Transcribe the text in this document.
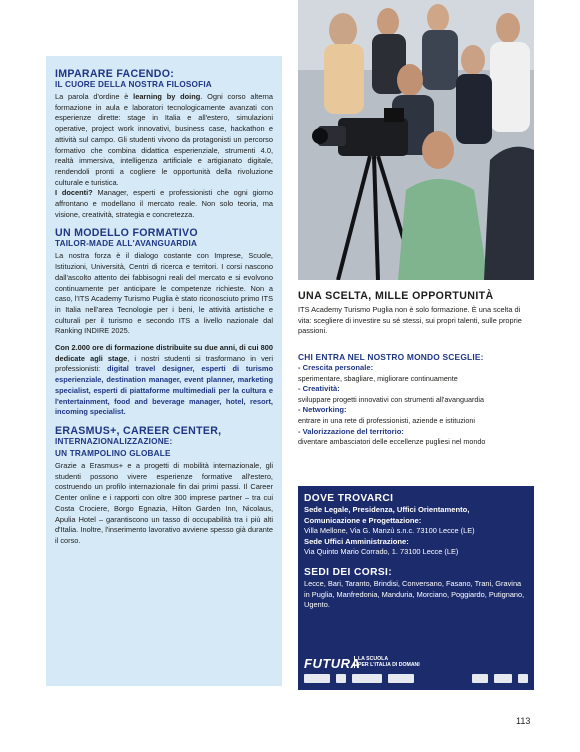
IMPARARE FACENDO:
IL CUORE DELLA NOSTRA FILOSOFIA

La parola d'ordine è learning by doing. Ogni corso alterna formazione in aula e laboratori tecnologicamente avanzati con esperienze dirette: stage in Italia e all'estero, simulazioni operative, project work innovativi, business case, hackathon e attività sul campo. Gli studenti vivono da protagonisti un percorso formativo che combina didattica esperienziale, strumenti 4.0, realtà immersiva, intelligenza artificiale e artigianato digitale, rendendoli pronti a cogliere le opportunità della rivoluzione culturale e turistica.

I docenti? Manager, esperti e professionisti che ogni giorno affrontano e modellano il mercato reale. Non solo teoria, ma visione, creatività, strategia e concretezza.

UN MODELLO FORMATIVO
TAILOR-MADE ALL'AVANGUARDIA

La nostra forza è il dialogo costante con Imprese, Scuole, Istituzioni, Università, Centri di ricerca e territori. I corsi nascono dall'ascolto attento dei fabbisogni reali del mercato e si evolvono continuamente per anticipare le competenze richieste. Non a caso, l'ITS Academy Turismo Puglia è stato riconosciuto primo ITS in Italia nell'area Tecnologie per i beni, le attività artistiche e culturali per il turismo e secondo ITS a livello nazionale dal Ranking INDIRE 2025.

Con 2.000 ore di formazione distribuite su due anni, di cui 800 dedicate agli stage, i nostri studenti si trasformano in veri professionisti: digital travel designer, esperti di turismo esperienziale, destination manager, event planner, marketing specialist, esperti di piattaforme multimediali per la cultura e l'entertainment, food and beverage manager, hotel, resort, incoming specialist.

ERASMUS+, CAREER CENTER,
INTERNAZIONALIZZAZIONE:
UN TRAMPOLINO GLOBALE

Grazie a Erasmus+ e a progetti di mobilità internazionale, gli studenti possono vivere esperienze formative all'estero, costruendo un profilo internazionale fin dai primi passi. Il Career Center online e i rapporti con oltre 300 imprese partner – tra cui Costa Crociere, Borgo Egnazia, Hilton Garden Inn, Nicolaus, Apulia Hotel – garantiscono un tasso di occupabilità tra i più alti d'Italia. Inoltre, l'inserimento lavorativo avviene spesso già durante il corso.

UNA SCELTA, MILLE OPPORTUNITÀ

ITS Academy Turismo Puglia non è solo formazione. È una scelta di vita: scegliere di investire su sé stessi, sui propri talenti, sulle proprie passioni.

CHI ENTRA NEL NOSTRO MONDO SCEGLIE:
- Crescita personale:
sperimentare, sbagliare, migliorare continuamente
- Creatività:
sviluppare progetti innovativi con strumenti all'avanguardia
- Networking:
entrare in una rete di professionisti, aziende e istituzioni
- Valorizzazione del territorio:
diventare ambasciatori delle eccellenze pugliesi nel mondo
DOVE TROVARCI
Sede Legale, Presidenza, Uffici Orientamento,
Comunicazione e Progettazione:
Villa Mellone, Via G. Manzù s.n.c. 73100 Lecce (LE)
Sede Uffici Amministrazione:
Via Quinto Mario Corrado, 1. 73100 Lecce (LE)
SEDI DEI CORSI:
Lecce, Bari, Taranto, Brindisi, Conversano, Fasano, Trani, Gravina in Puglia, Manfredonia, Manduria, Morciano, Poggiardo, Putignano, Ugento.
FUTURA
LA SCUOLA
PER L'ITALIA DI DOMANI
113
